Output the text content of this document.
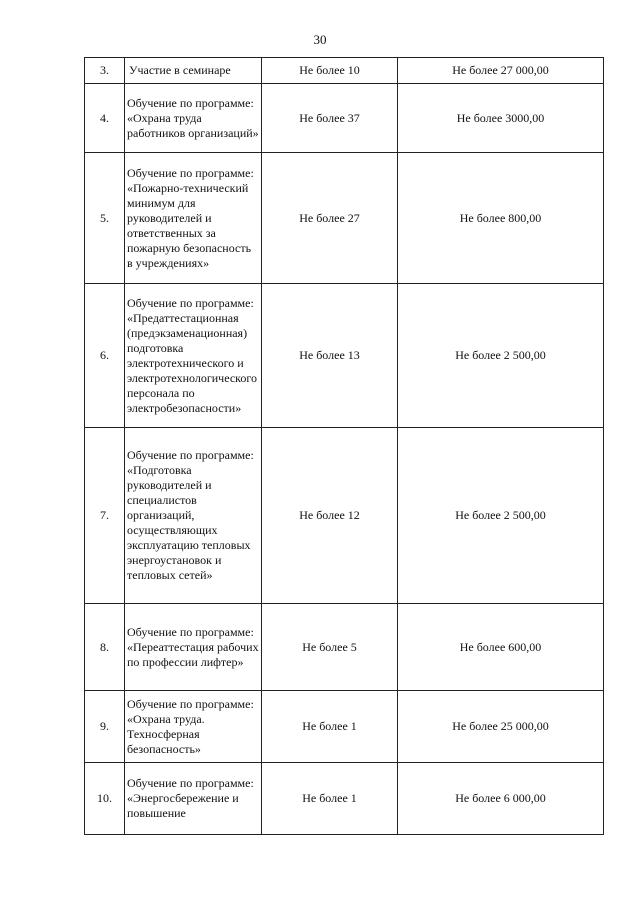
30
3.	Участие в семинаре	Не более 10	Не более 27 000,00
4.	Обучение по программе: «Охрана труда работников организаций»	Не более 37	Не более 3000,00
5.	Обучение по программе: «Пожарно-технический минимум для руководителей и ответственных за пожарную безопасность в учреждениях»	Не более 27	Не более 800,00
6.	Обучение по программе: «Предаттестационная (предэкзаменационная) подготовка электротехнического и электротехнологического персонала по электробезопасности»	Не более 13	Не более 2 500,00
7.	Обучение по программе: «Подготовка руководителей и специалистов организаций, осуществляющих эксплуатацию тепловых энергоустановок и тепловых сетей»	Не более 12	Не более 2 500,00
8.	Обучение по программе: «Переаттестация рабочих по профессии лифтер»	Не более 5	Не более 600,00
9.	Обучение по программе: «Охрана труда. Техносферная безопасность»	Не более 1	Не более 25 000,00
10.	Обучение по программе: «Энергосбережение и повышение	Не более 1	Не более 6 000,00
